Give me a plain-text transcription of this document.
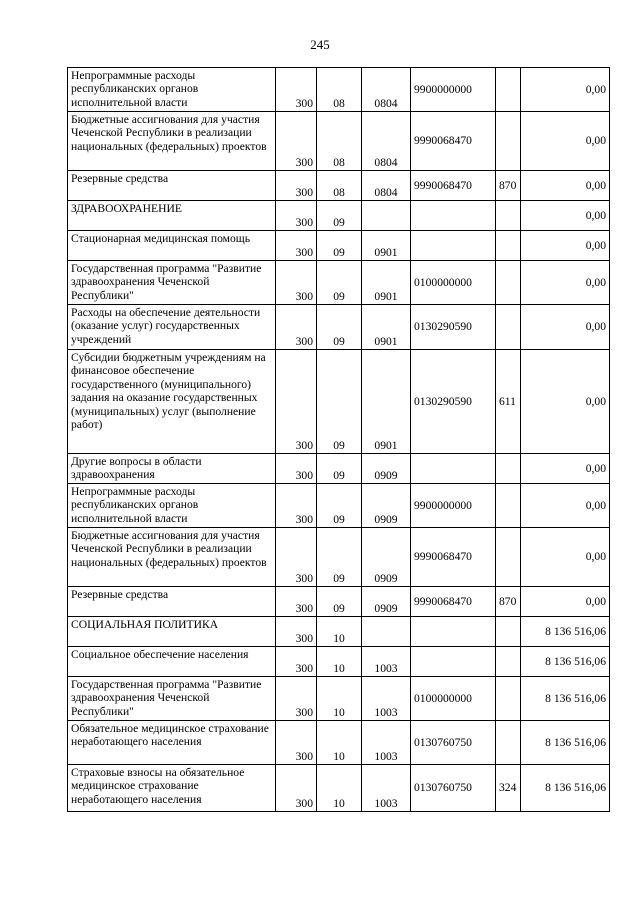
245
Непрограммные расходы республиканских органов исполнительной власти	300	08	0804	9900000000		0,00
Бюджетные ассигнования для участия Чеченской Республики в реализации национальных (федеральных) проектов	300	08	0804	9990068470		0,00
Резервные средства	300	08	0804	9990068470	870	0,00
ЗДРАВООХРАНЕНИЕ	300	09				0,00
Стационарная медицинская помощь	300	09	0901			0,00
Государственная программа "Развитие здравоохранения Чеченской Республики"	300	09	0901	0100000000		0,00
Расходы на обеспечение деятельности (оказание услуг) государственных учреждений	300	09	0901	0130290590		0,00
Субсидии бюджетным учреждениям на финансовое обеспечение государственного (муниципального) задания на оказание государственных (муниципальных) услуг (выполнение работ)	300	09	0901	0130290590	611	0,00
Другие вопросы в области здравоохранения	300	09	0909			0,00
Непрограммные расходы республиканских органов исполнительной власти	300	09	0909	9900000000		0,00
Бюджетные ассигнования для участия Чеченской Республики в реализации национальных (федеральных) проектов	300	09	0909	9990068470		0,00
Резервные средства	300	09	0909	9990068470	870	0,00
СОЦИАЛЬНАЯ ПОЛИТИКА	300	10				8 136 516,06
Социальное обеспечение населения	300	10	1003			8 136 516,06
Государственная программа "Развитие здравоохранения Чеченской Республики"	300	10	1003	0100000000		8 136 516,06
Обязательное медицинское страхование неработающего населения	300	10	1003	0130760750		8 136 516,06
Страховые взносы на обязательное медицинское страхование неработающего населения	300	10	1003	0130760750	324	8 136 516,06
